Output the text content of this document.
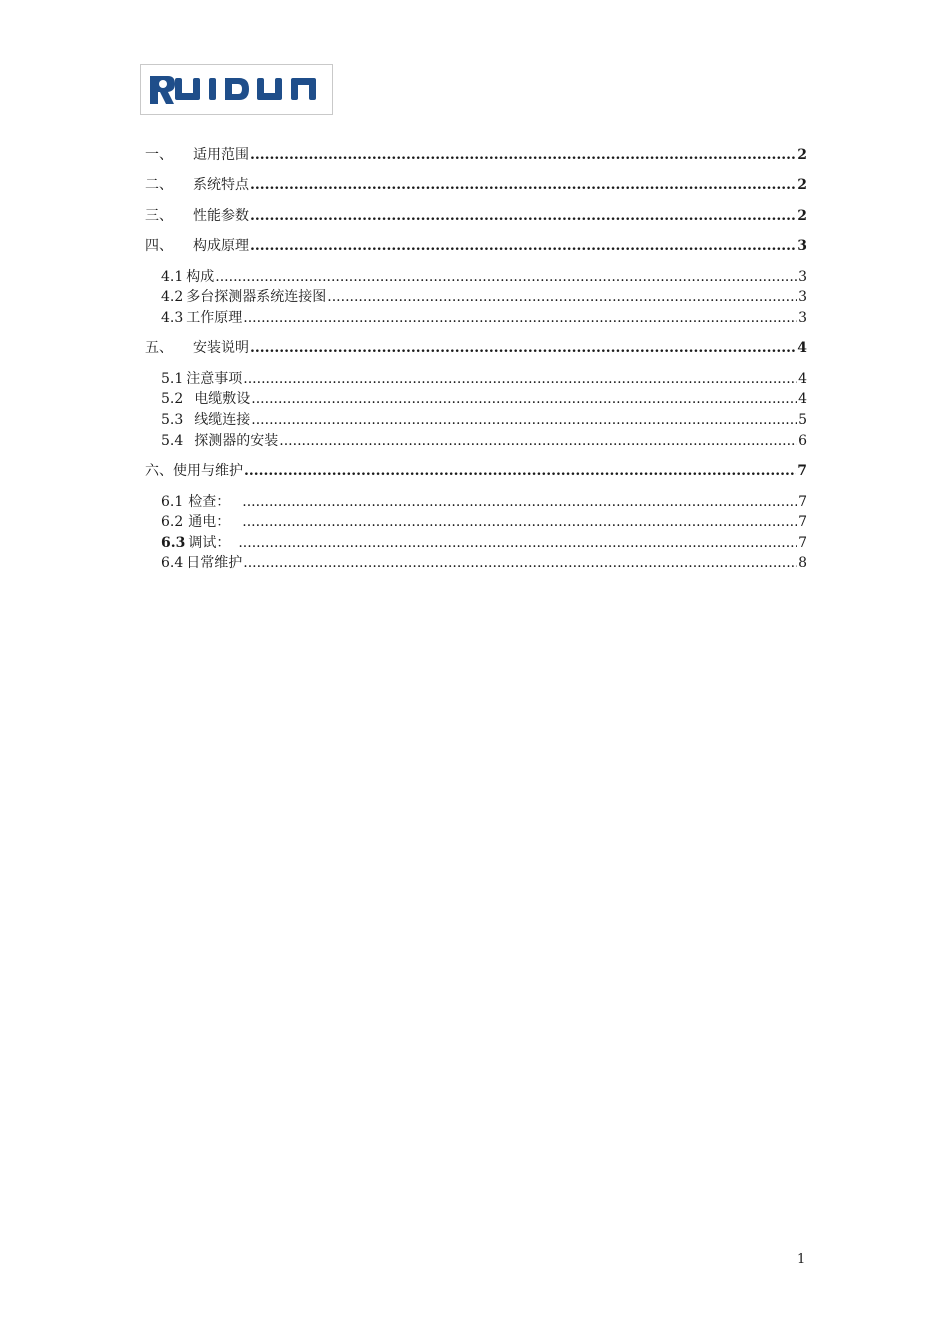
一、	适用范围 .....	2
二、	系统特点 .....	2
三、	性能参数 .....	2
四、	构成原理 .....	3
4.1 构成 .....	3
4.2 多台探测器系统连接图 .....	3
4.3 工作原理 .....	3
五、	安装说明 .....	4
5.1 注意事项 .....	4
5.2 电缆敷设 .....	4
5.3 线缆连接 .....	5
5.4 探测器的安装 .....	6
六、 使用与维护 .....	7
6.1 检查： .....	7
6.2 通电： .....	7
6.3 调试： .....	7
6.4 日常维护 .....	8
1
